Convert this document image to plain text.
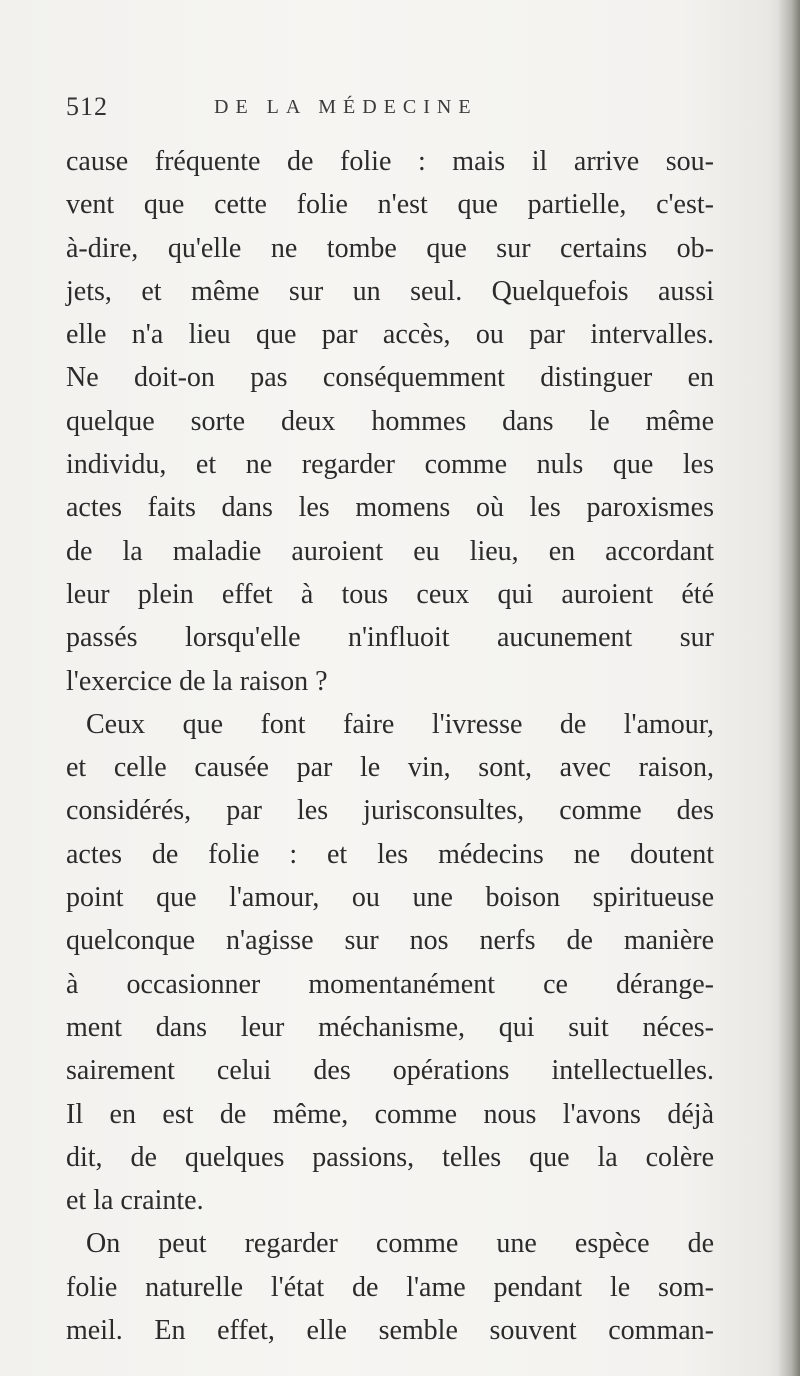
512	DE LA MÉDECINE
cause fréquente de folie : mais il arrive sou-
vent que cette folie n'est que partielle, c'est-
à-dire, qu'elle ne tombe que sur certains ob-
jets, et même sur un seul. Quelquefois aussi
elle n'a lieu que par accès, ou par intervalles.
Ne doit-on pas conséquemment distinguer en
quelque sorte deux hommes dans le même
individu, et ne regarder comme nuls que les
actes faits dans les momens où les paroxismes
de la maladie auroient eu lieu, en accordant
leur plein effet à tous ceux qui auroient été
passés lorsqu'elle n'influoit aucunement sur
l'exercice de la raison ?
Ceux que font faire l'ivresse de l'amour,
et celle causée par le vin, sont, avec raison,
considérés, par les jurisconsultes, comme des
actes de folie : et les médecins ne doutent
point que l'amour, ou une boison spiritueuse
quelconque n'agisse sur nos nerfs de manière
à occasionner momentanément ce dérange-
ment dans leur méchanisme, qui suit néces-
sairement celui des opérations intellectuelles.
Il en est de même, comme nous l'avons déjà
dit, de quelques passions, telles que la colère
et la crainte.
On peut regarder comme une espèce de
folie naturelle l'état de l'ame pendant le som-
meil. En effet, elle semble souvent comman-
